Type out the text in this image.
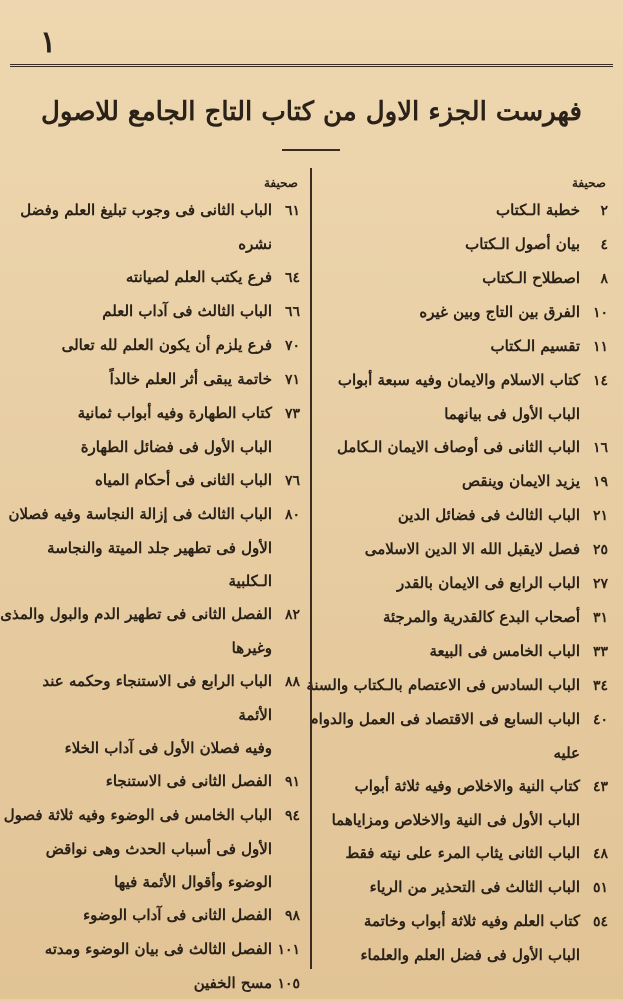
١
فهرست الجزء الاول من كتاب التاج الجامع للاصول
صحيفة
٢
خطبة الـكتاب
٤
بيان أصول الـكتاب
٨
اصطلاح الـكتاب
١٠
الفرق بين التاج وبين غيره
١١
تقسيم الـكتاب
١٤
كتاب الاسلام والايمان وفيه سبعة أبواب
الباب الأول فى بيانهما
١٦
الباب الثانى فى أوصاف الايمان الـكامل
١٩
يزيد الايمان وينقص
٢١
الباب الثالث فى فضائل الدين
٢٥
فصل لايقبل الله الا الدين الاسلامى
٢٧
الباب الرابع فى الايمان بالقدر
٣١
أصحاب البدع كالقدرية والمرجئة
٣٣
الباب الخامس فى البيعة
٣٤
الباب السادس فى الاعتصام بالـكتاب والسنة
٤٠
الباب السابع فى الاقتصاد فى العمل والدوام
عليه
٤٣
كتاب النية والاخلاص وفيه ثلاثة أبواب
الباب الأول فى النية والاخلاص ومزاياهما
٤٨
الباب الثانى يثاب المرء على نيته فقط
٥١
الباب الثالث فى التحذير من الرياء
٥٤
كتاب العلم وفيه ثلاثة أبواب وخاتمة
الباب الأول فى فضل العلم والعلماء
صحيفة
٦١
الباب الثانى فى وجوب تبليغ العلم وفضل
نشره
٦٤
فرع يكتب العلم لصيانته
٦٦
الباب الثالث فى آداب العلم
٧٠
فرع يلزم أن يكون العلم لله تعالى
٧١
خاتمة يبقى أثر العلم خالداً
٧٣
كتاب الطهارة وفيه أبواب ثمانية
الباب الأول فى فضائل الطهارة
٧٦
الباب الثانى فى أحكام المياه
٨٠
الباب الثالث فى إزالة النجاسة وفيه فصلان
الأول فى تطهير جلد الميتة والنجاسة
الـكلبية
٨٢
الفصل الثانى فى تطهير الدم والبول والمذى
وغيرها
٨٨
الباب الرابع فى الاستنجاء وحكمه عند
الأئمة
وفيه فصلان الأول فى آداب الخلاء
٩١
الفصل الثانى فى الاستنجاء
٩٤
الباب الخامس فى الوضوء وفيه ثلاثة فصول
الأول فى أسباب الحدث وهى نواقض
الوضوء وأقوال الأئمة فيها
٩٨
الفصل الثانى فى آداب الوضوء
١٠١
الفصل الثالث فى بيان الوضوء ومدته
١٠٥
مسح الخفين
